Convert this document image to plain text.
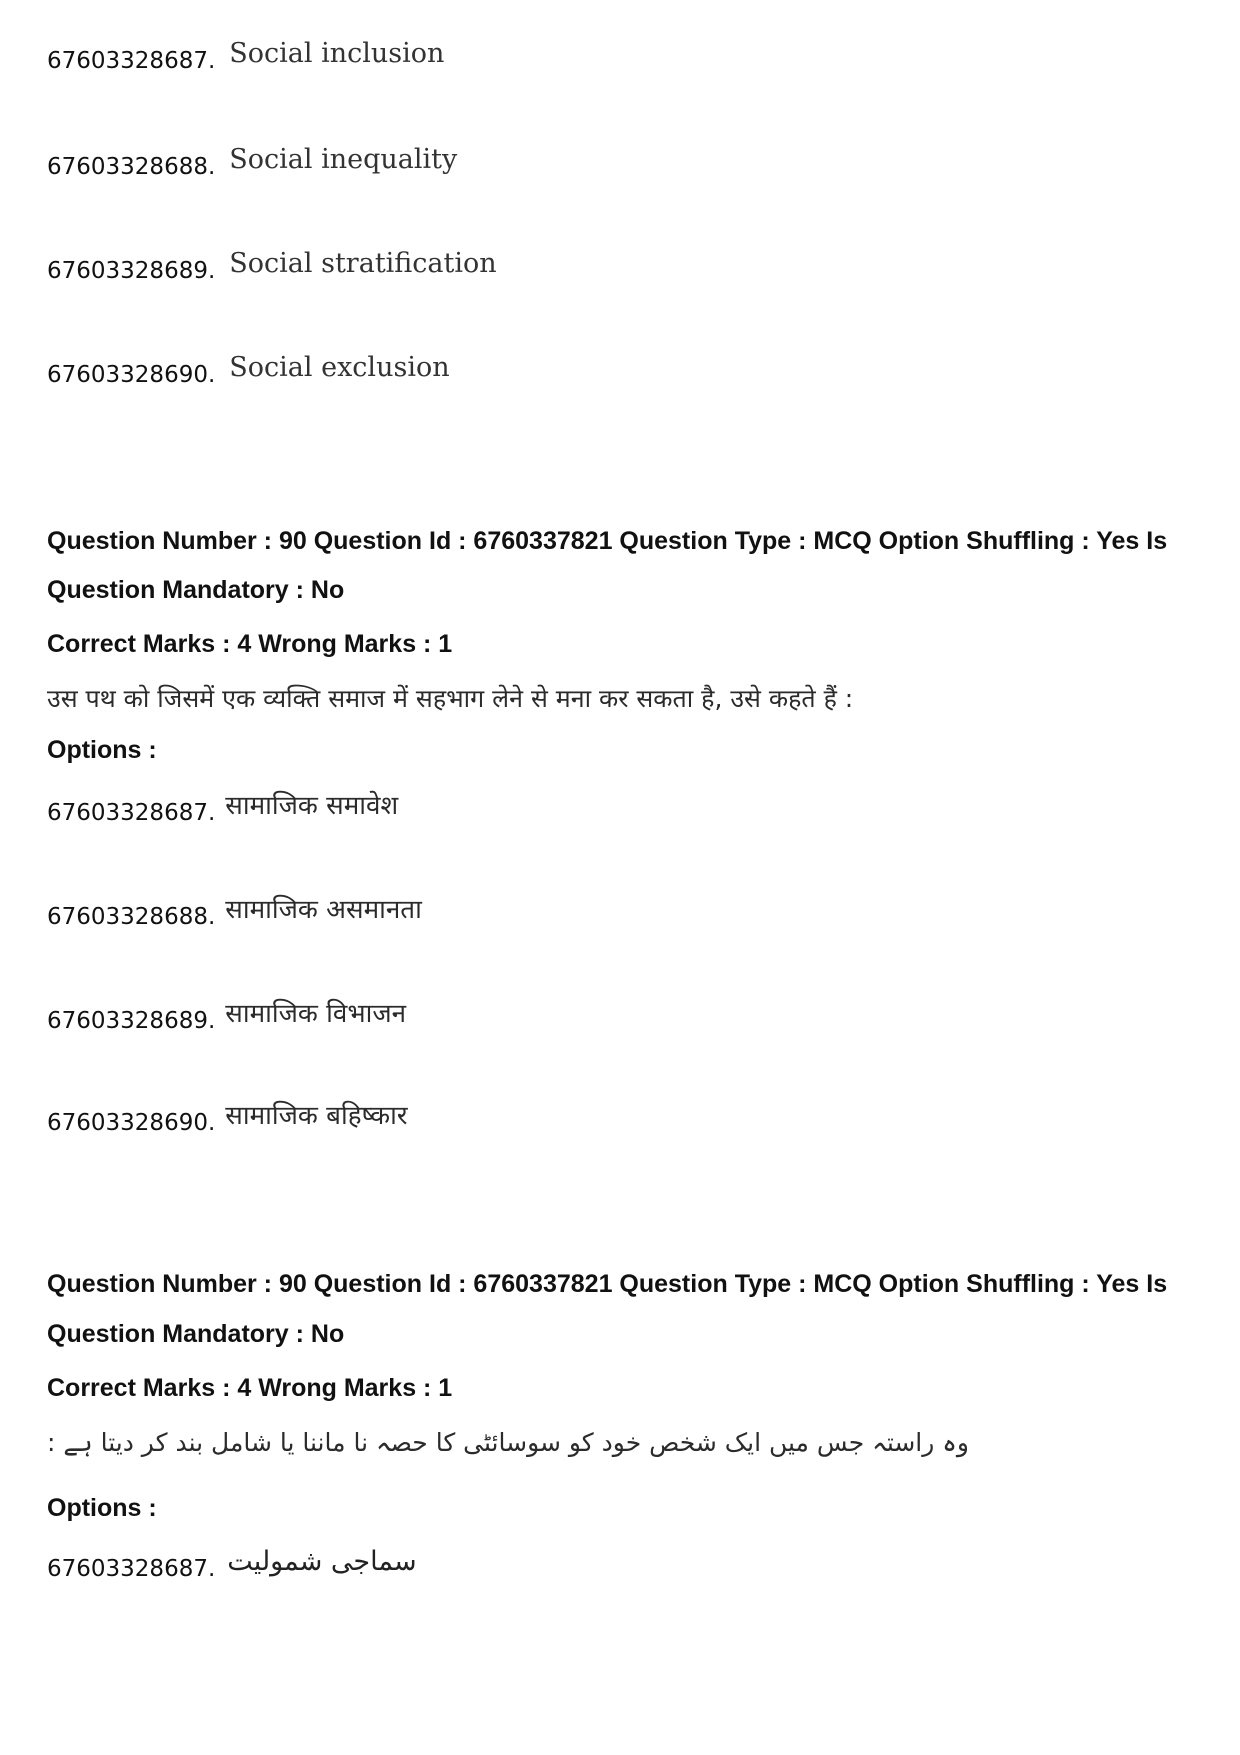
67603328687. Social inclusion
67603328688. Social inequality
67603328689. Social stratification
67603328690. Social exclusion
Question Number : 90 Question Id : 6760337821 Question Type : MCQ Option Shuffling : Yes Is
Question Mandatory : No
Correct Marks : 4 Wrong Marks : 1
उस पथ को जिसमें एक व्यक्ति समाज में सहभाग लेने से मना कर सकता है, उसे कहते हैं :
Options :
67603328687. सामाजिक समावेश
67603328688. सामाजिक असमानता
67603328689. सामाजिक विभाजन
67603328690. सामाजिक बहिष्कार
Question Number : 90 Question Id : 6760337821 Question Type : MCQ Option Shuffling : Yes Is
Question Mandatory : No
Correct Marks : 4 Wrong Marks : 1
وہ راستہ جس میں ایک شخص خود کو سوسائٹی کا حصہ نا ماننا یا شامل بند کر دیتا ہے :
Options :
67603328687. سماجی شمولیت
